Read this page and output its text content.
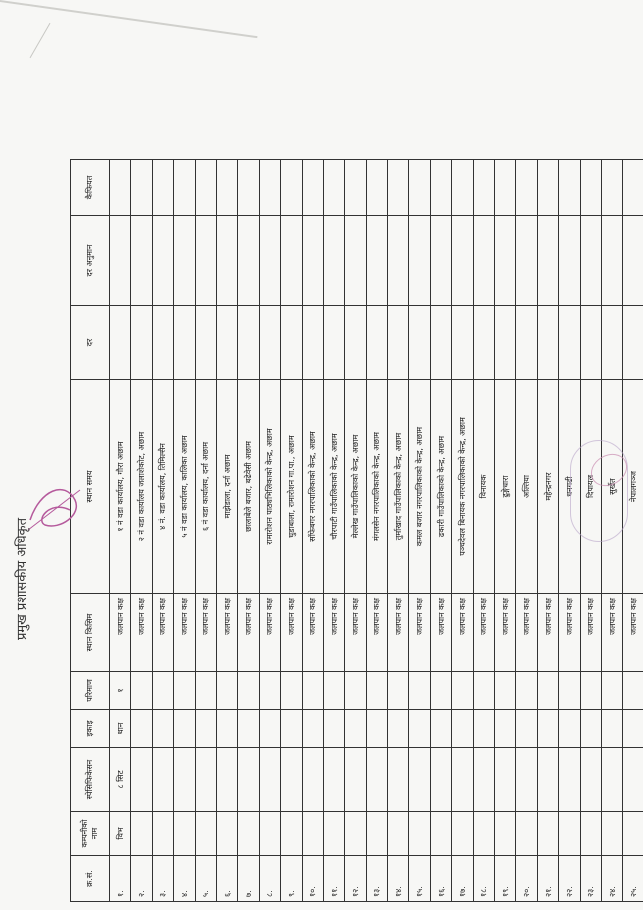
क्र.सं.	कम्पनीको नाम	स्पेसिफिकेसन	इकाइ	परिमाण	स्थान किसिम	स्थान समय	दर	दर अनुमान	कैफियत
१.	विभ	८ सिट	थान	१	जलपान कक्ष	१ नं वडा कार्यालय, गौरा अछाम			
२.					जलपान कक्ष	२ नं वडा कार्यालय जलाशेकोट, अछाम			
३.					जलपान कक्ष	४ नं. वडा कार्यालय, तिमिल्सैन			
४.					जलपान कक्ष	५ नं वडा कार्यालय, कालिका अछाम			
५.					जलपान कक्ष	६ नं वडा कार्यालय, दर्ना अछाम			
६.					जलपान कक्ष	माझेडाला, दर्ना अछाम			
७.					जलपान कक्ष	छालाबेले बजार, बढेवेसी अछाम			
८.					जलपान कक्ष	रामारोशन पाठ्यभिलिकाको केन्द्र, अछाम			
९.					जलपान कक्ष	घुडाबाला, रामारोशन गा.पा., अछाम			
१०.					जलपान कक्ष	साँफेबगर नगरपालिकाको केन्द्र, अछाम			
११.					जलपान कक्ष	चौरपाटी गाउँपालिकाको केन्द्र, अछाम			
१२.					जलपान कक्ष	मेल्लेख गाउँपालिकाको केन्द्र, अछाम			
१३.					जलपान कक्ष	मंगलसेन नगरपालिकाको केन्द्र, अछाम			
१४.					जलपान कक्ष	तुर्माखाद गाउँपालिकाको केन्द्र, अछाम			
१५.					जलपान कक्ष	कमल बजार नगरपालिकाको केन्द्र, अछाम			
१६.					जलपान कक्ष	ढकारी गाउँपालिकाको केन्द्र, अछाम			
१७.					जलपान कक्ष	पञ्चदेवल बिनायक नगरपालिकाको केन्द्र, अछाम			
१८.					जलपान कक्ष	विनायक			
१९.					जलपान कक्ष	ढुङ्गेधारा			
२०.					जलपान कक्ष	अल्तिया			
२१.					जलपान कक्ष	महेन्द्रनगर			
२२.					जलपान कक्ष	धनगढी			
२३.					जलपान कक्ष	दिपायल			
२४.					जलपान कक्ष	सुर्खेत			
२५.					जलपान कक्ष	नेपालगञ्ज			
प्रमुख प्रशासकीय अधिकृत
